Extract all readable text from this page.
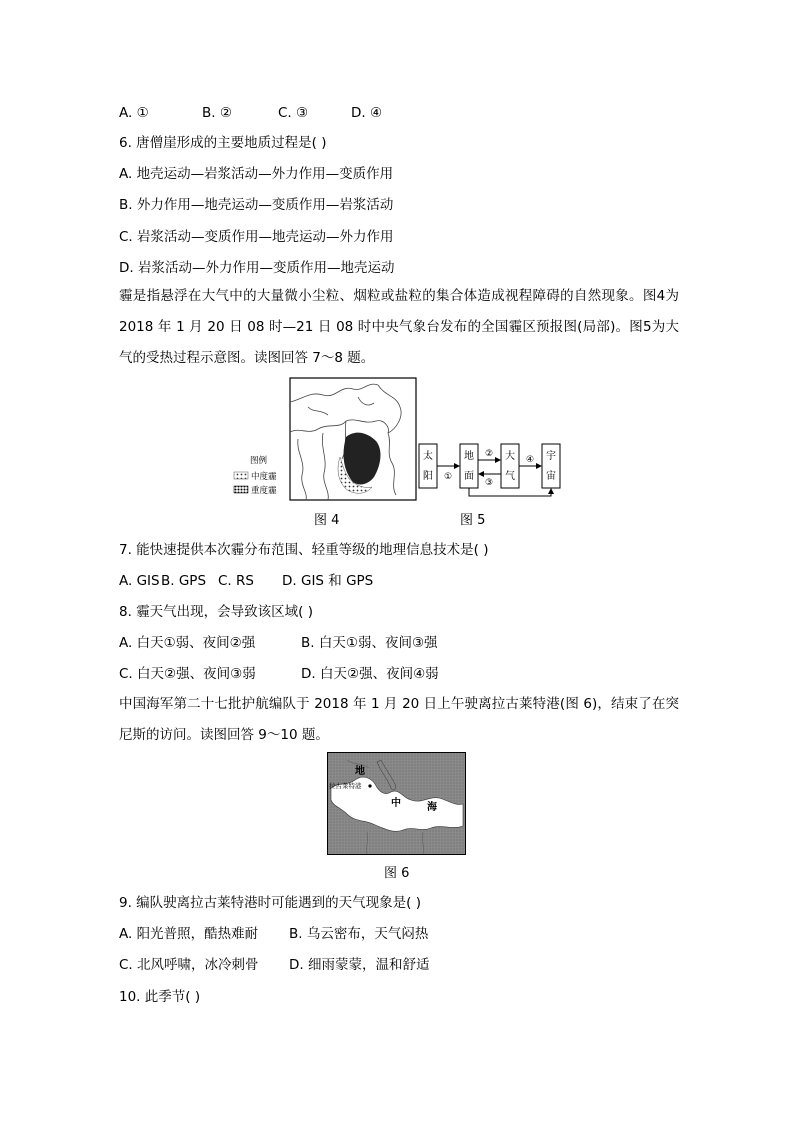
A. ①	B. ②	C. ③	D. ④
6. 唐僧崖形成的主要地质过程是( )
A. 地壳运动—岩浆活动—外力作用—变质作用
B. 外力作用—地壳运动—变质作用—岩浆活动
C. 岩浆活动—变质作用—地壳运动—外力作用
D. 岩浆活动—外力作用—变质作用—地壳运动
霾是指悬浮在大气中的大量微小尘粒、烟粒或盐粒的集合体造成视程障碍的自然现象。图4为 2018 年 1 月 20 日 08 时—21 日 08 时中央气象台发布的全国霾区预报图(局部)。图5为大气的受热过程示意图。读图回答 7～8 题。
图例
中度霾
重度霾
图 4
太
阳
地
面
大
气
宇
宙
①
②
③
④
图 5
7. 能快速提供本次霾分布范围、轻重等级的地理信息技术是( )
A. GISB. GPS C. RS D. GIS 和 GPS
8. 霾天气出现，会导致该区域( )
A. 白天①弱、夜间②强	B. 白天①弱、夜间③强
C. 白天②强、夜间③弱	D. 白天②强、夜间④弱
中国海军第二十七批护航编队于 2018 年 1 月 20 日上午驶离拉古莱特港(图 6)，结束了在突尼斯的访问。读图回答 9～10 题。
地
拉古莱特港
中	海
图 6
9. 编队驶离拉古莱特港时可能遇到的天气现象是( )
A. 阳光普照，酷热难耐 B. 乌云密布，天气闷热
C. 北风呼啸，冰冷刺骨 D. 细雨蒙蒙，温和舒适
10. 此季节( )
